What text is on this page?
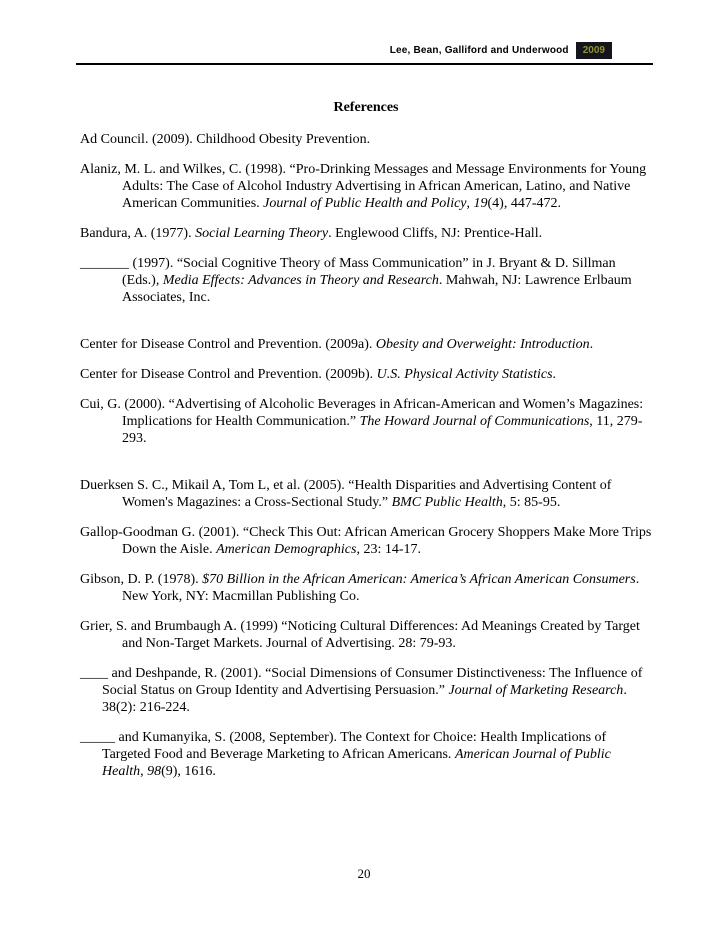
Lee, Bean, Galliford and Underwood	2009
References

Ad Council. (2009). Childhood Obesity Prevention.

Alaniz, M. L. and Wilkes, C. (1998). “Pro-Drinking Messages and Message Environments for Young Adults: The Case of Alcohol Industry Advertising in African American, Latino, and Native American Communities. Journal of Public Health and Policy, 19(4), 447-472.

Bandura, A. (1977). Social Learning Theory. Englewood Cliffs, NJ: Prentice-Hall.

_______ (1997). “Social Cognitive Theory of Mass Communication” in J. Bryant & D. Sillman (Eds.), Media Effects: Advances in Theory and Research. Mahwah, NJ: Lawrence Erlbaum Associates, Inc.

Center for Disease Control and Prevention. (2009a). Obesity and Overweight: Introduction.

Center for Disease Control and Prevention. (2009b). U.S. Physical Activity Statistics.

Cui, G. (2000). “Advertising of Alcoholic Beverages in African-American and Women’s Magazines: Implications for Health Communication.” The Howard Journal of Communications, 11, 279-293.

Duerksen S. C., Mikail A, Tom L, et al. (2005). “Health Disparities and Advertising Content of Women's Magazines: a Cross-Sectional Study.” BMC Public Health, 5: 85-95.

Gallop-Goodman G. (2001). “Check This Out: African American Grocery Shoppers Make More Trips Down the Aisle. American Demographics, 23: 14-17.

Gibson, D. P. (1978). $70 Billion in the African American: America’s African American Consumers. New York, NY: Macmillan Publishing Co.

Grier, S. and Brumbaugh A. (1999) “Noticing Cultural Differences: Ad Meanings Created by Target and Non-Target Markets. Journal of Advertising. 28: 79-93.

____ and Deshpande, R. (2001). “Social Dimensions of Consumer Distinctiveness: The Influence of Social Status on Group Identity and Advertising Persuasion.” Journal of Marketing Research. 38(2): 216-224.

_____ and Kumanyika, S. (2008, September). The Context for Choice: Health Implications of Targeted Food and Beverage Marketing to African Americans. American Journal of Public Health, 98(9), 1616.

20
